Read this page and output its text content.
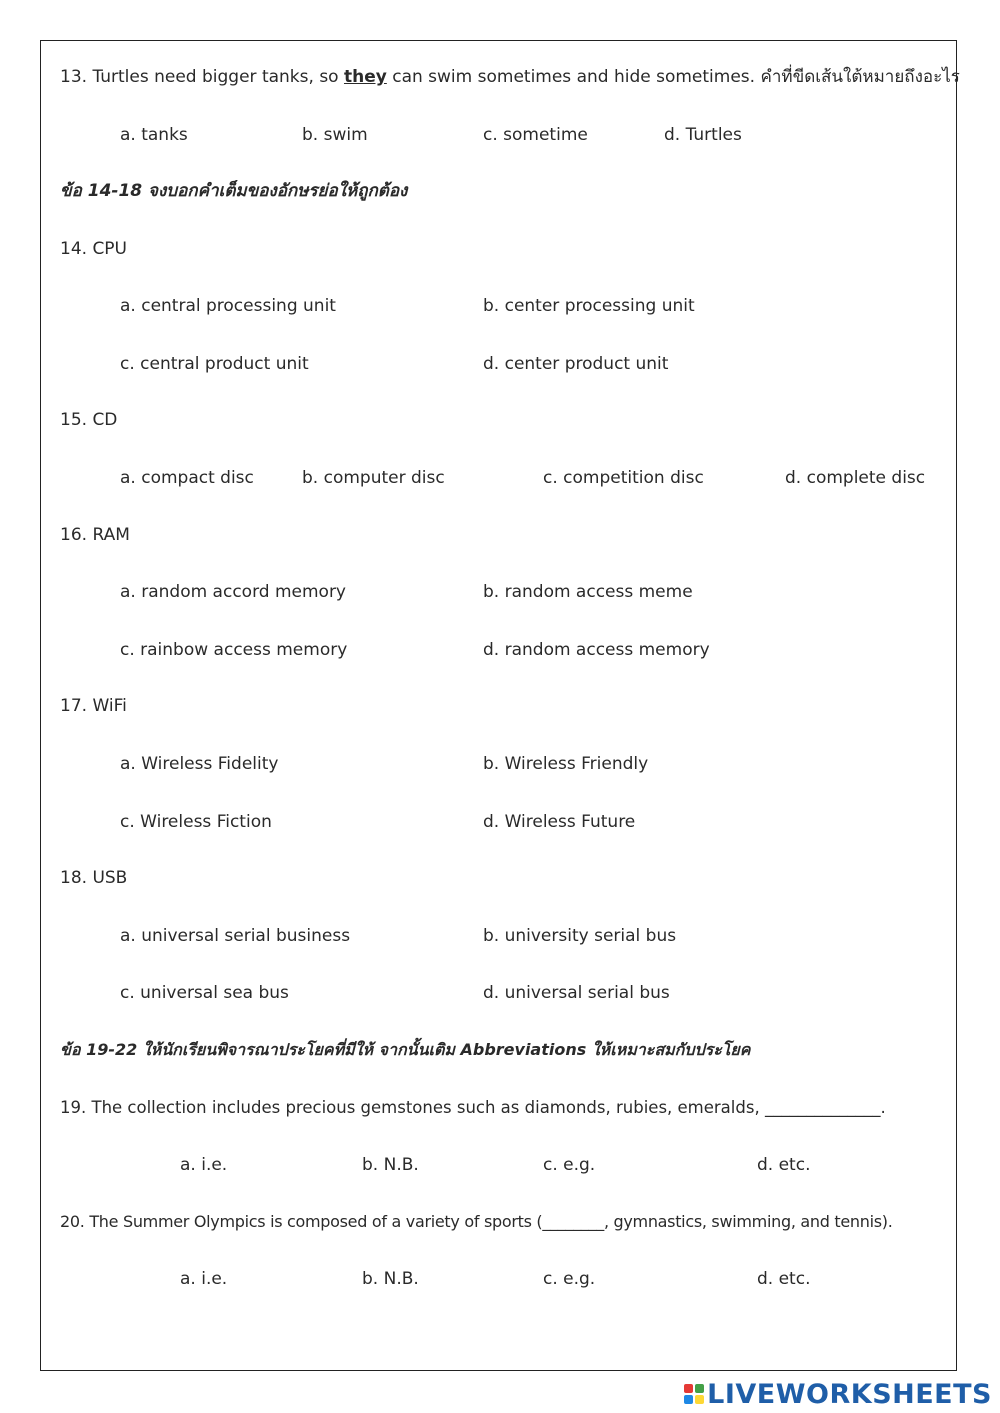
13. Turtles need bigger tanks, so they can swim sometimes and hide sometimes. คำที่ขีดเส้นใต้หมายถึงอะไร
a. tanks	b. swim	c. sometime	d. Turtles
ข้อ 14-18 จงบอกคำเต็มของอักษรย่อให้ถูกต้อง
14. CPU
a. central processing unit	b. center processing unit
c. central product unit	d. center product unit
15. CD
a. compact disc	b. computer disc	c. competition disc	d. complete disc
16. RAM
a. random accord memory	b. random access meme
c. rainbow access memory	d. random access memory
17. WiFi
a. Wireless Fidelity	b. Wireless Friendly
c. Wireless Fiction	d. Wireless Future
18. USB
a. universal serial business	b. university serial bus
c. universal sea bus	d. universal serial bus
ข้อ 19-22 ให้นักเรียนพิจารณาประโยคที่มีให้ จากนั้นเติม Abbreviations ให้เหมาะสมกับประโยค
19. The collection includes precious gemstones such as diamonds, rubies, emeralds, ______________.
a. i.e.	b. N.B.	c. e.g.	d. etc.
20. The Summer Olympics is composed of a variety of sports (________, gymnastics, swimming, and tennis).
a. i.e.	b. N.B.	c. e.g.	d. etc.
LIVEWORKSHEETS
